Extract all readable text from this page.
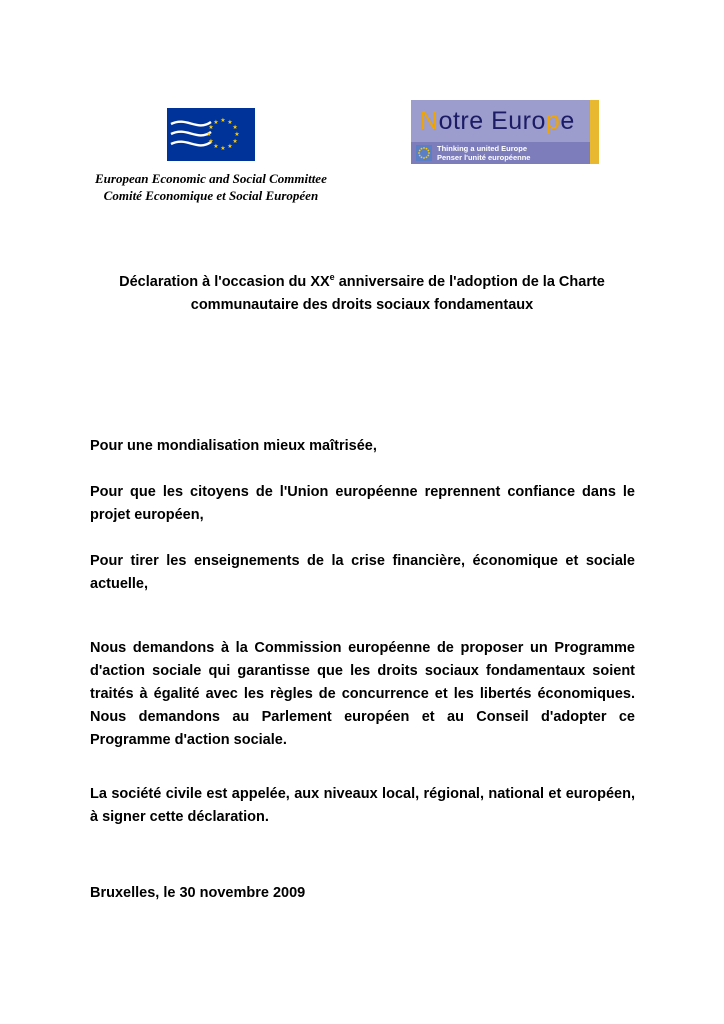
★ ★
★
★
★
★
★
★
★
★
★
★
European Economic and Social Committee
Comité Economique et Social Européen
Notre Europe
Thinking a united Europe
Penser l'unité européenne
Déclaration à l'occasion du XXe anniversaire de l'adoption de la Charte communautaire des droits sociaux fondamentaux

Pour une mondialisation mieux maîtrisée,

Pour que les citoyens de l'Union européenne reprennent confiance dans le projet européen,

Pour tirer les enseignements de la crise financière, économique et sociale actuelle,

Nous demandons à la Commission européenne de proposer un Programme d'action sociale qui garantisse que les droits sociaux fondamentaux soient traités à égalité avec les règles de concurrence et les libertés économiques. Nous demandons au Parlement européen et au Conseil d'adopter ce Programme d'action sociale.

La société civile est appelée, aux niveaux local, régional, national et européen, à signer cette déclaration.

Bruxelles, le 30 novembre 2009
